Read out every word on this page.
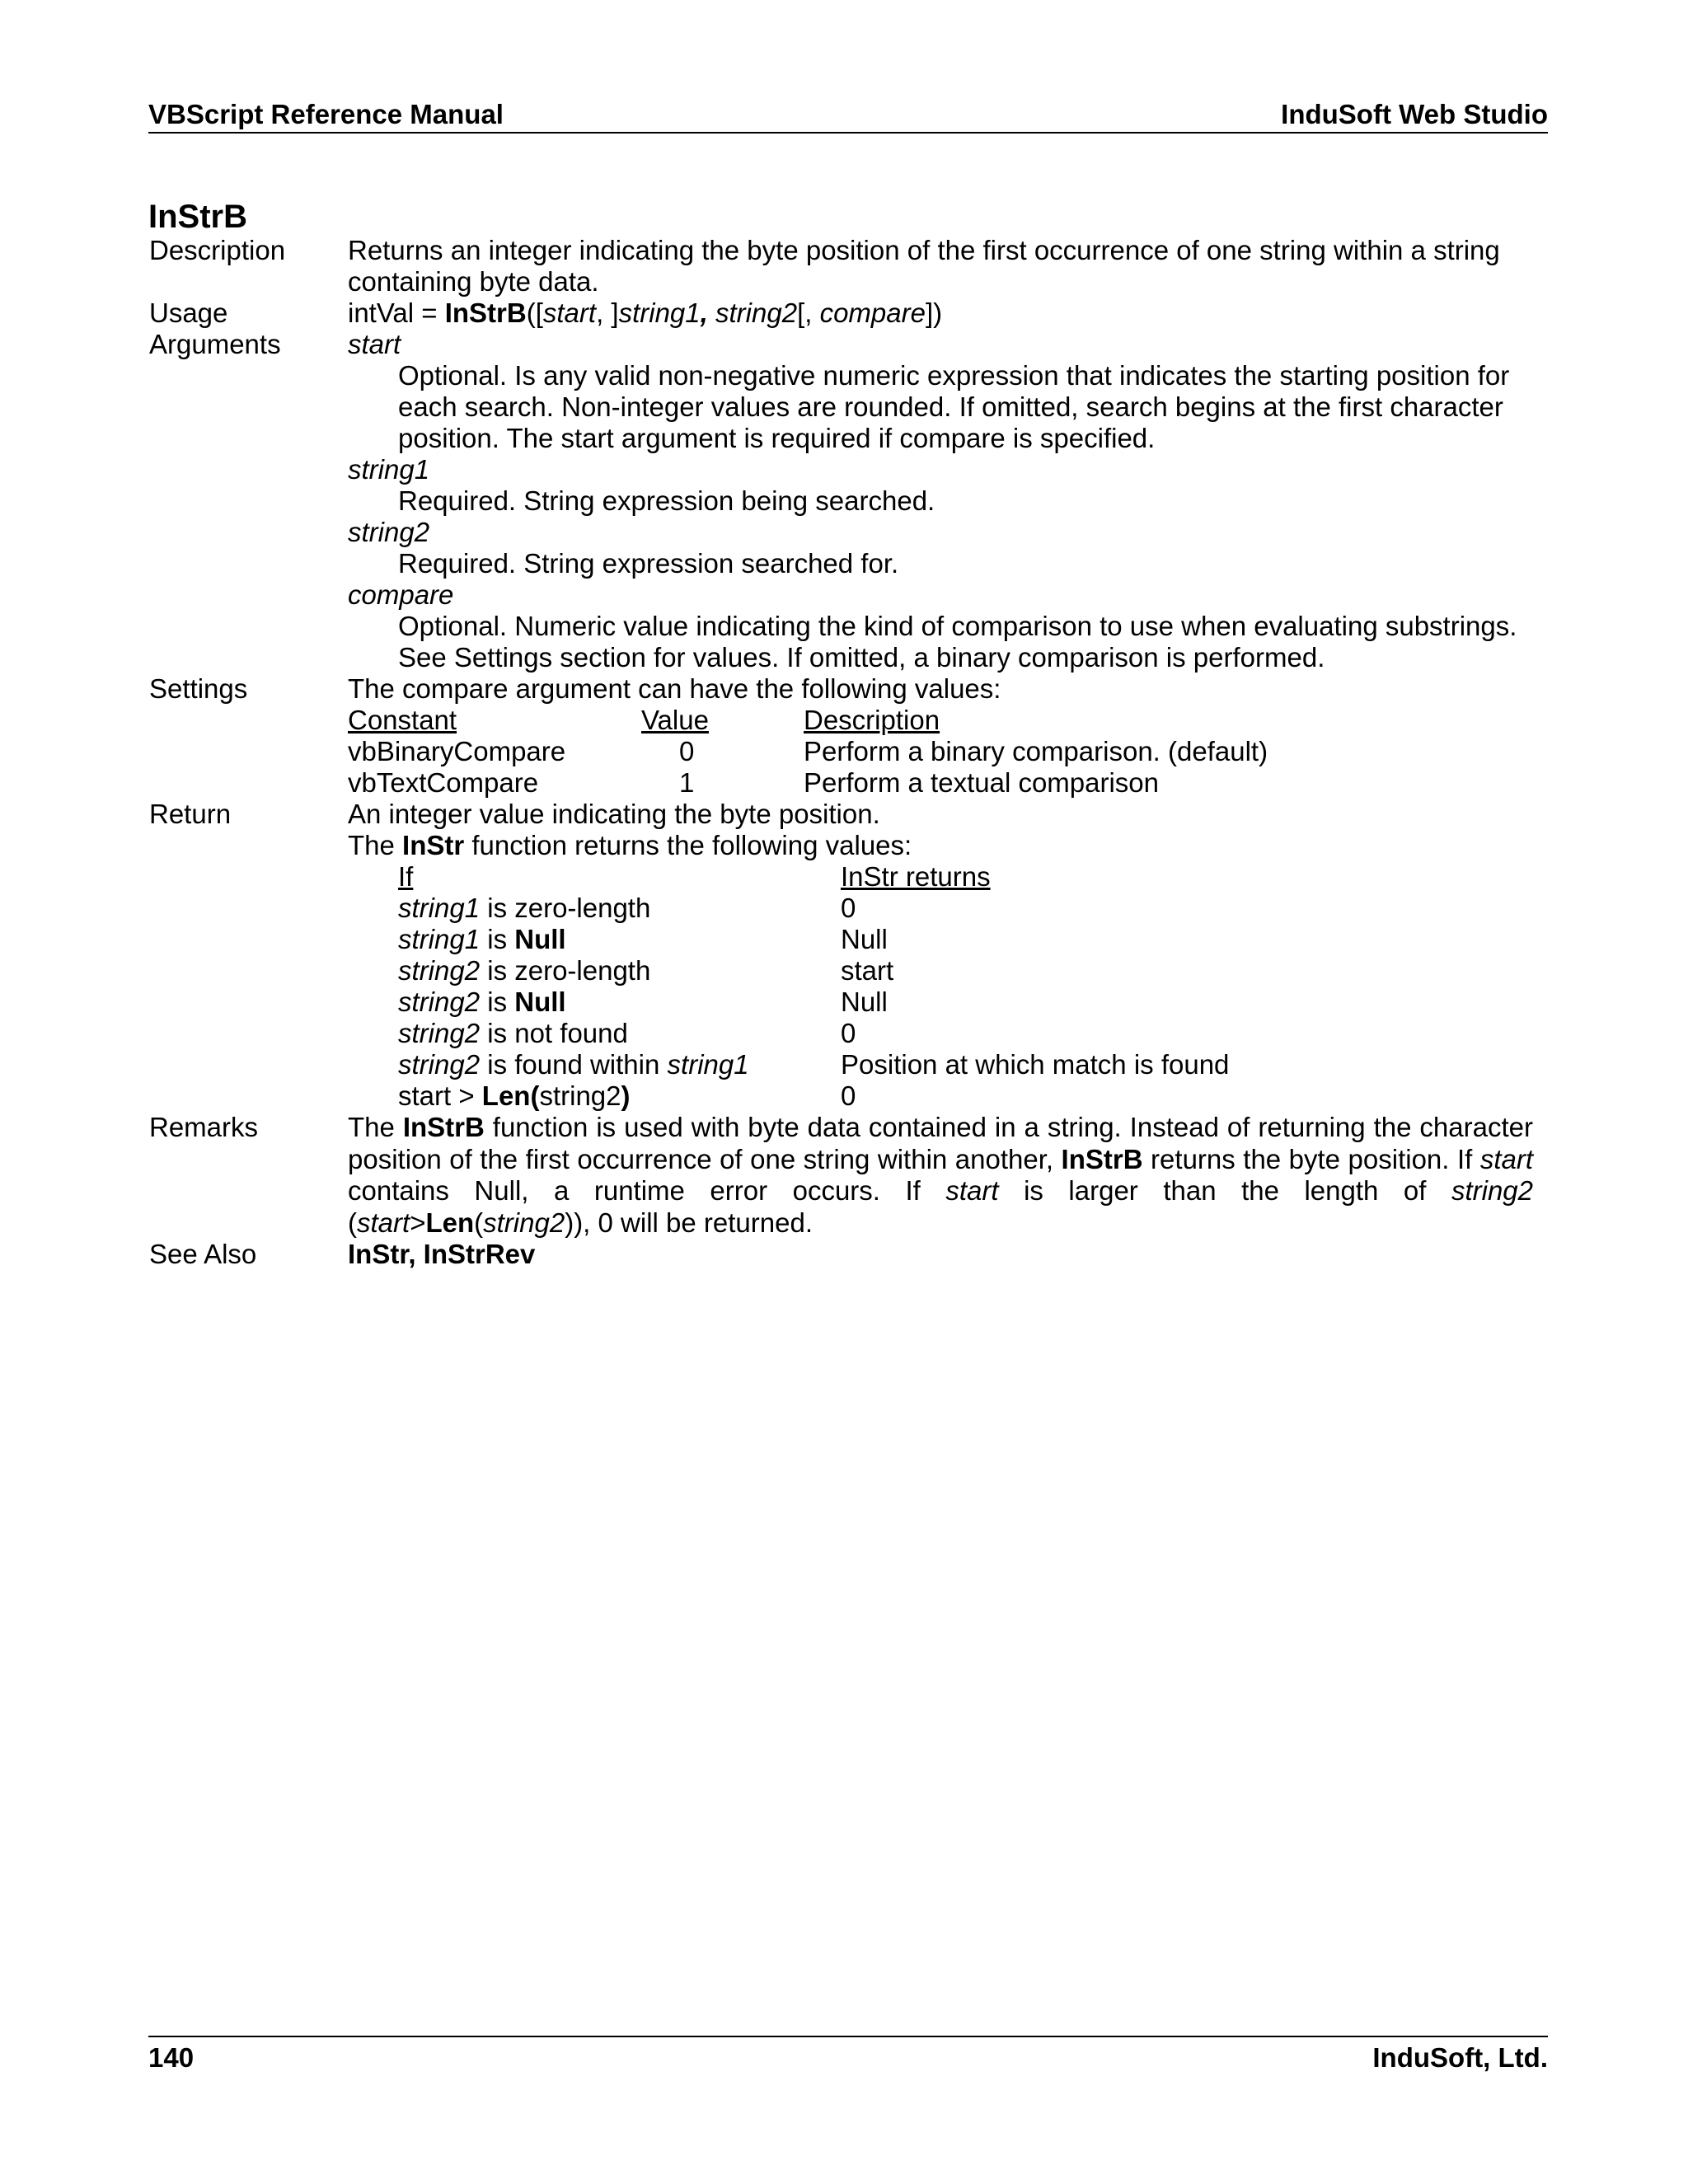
VBScript Reference Manual	InduSoft Web Studio
InStrB
Description Returns an integer indicating the byte position of the first occurrence of one string within a string
containing byte data.
Usage	intVal = InStrB([start, ]string1, string2[, compare])
Arguments start
Optional. Is any valid non-negative numeric expression that indicates the starting position for
each search. Non-integer values are rounded. If omitted, search begins at the first character
position. The start argument is required if compare is specified.
string1
Required. String expression being searched.
string2
Required. String expression searched for.
compare
Optional. Numeric value indicating the kind of comparison to use when evaluating substrings.
See Settings section for values. If omitted, a binary comparison is performed.
Settings	The compare argument can have the following values:
Constant	Value	Description
vbBinaryCompare	0	Perform a binary comparison. (default)
vbTextCompare	1	Perform a textual comparison
Return	An integer value indicating the byte position.
The InStr function returns the following values:
If	InStr returns
string1 is zero-length	0
string1 is Null	Null
string2 is zero-length	start
string2 is Null	Null
string2 is not found	0
string2 is found within string1	Position at which match is found
start > Len(string2)	0
Remarks	The InStrB function is used with byte data contained in a string. Instead of returning the character position of the first occurrence of one string within another, InStrB returns the byte position. If start contains Null, a runtime error occurs. If start is larger than the length of string2 (start>Len(string2)), 0 will be returned.
See Also	InStr, InStrRev
140	InduSoft, Ltd.
